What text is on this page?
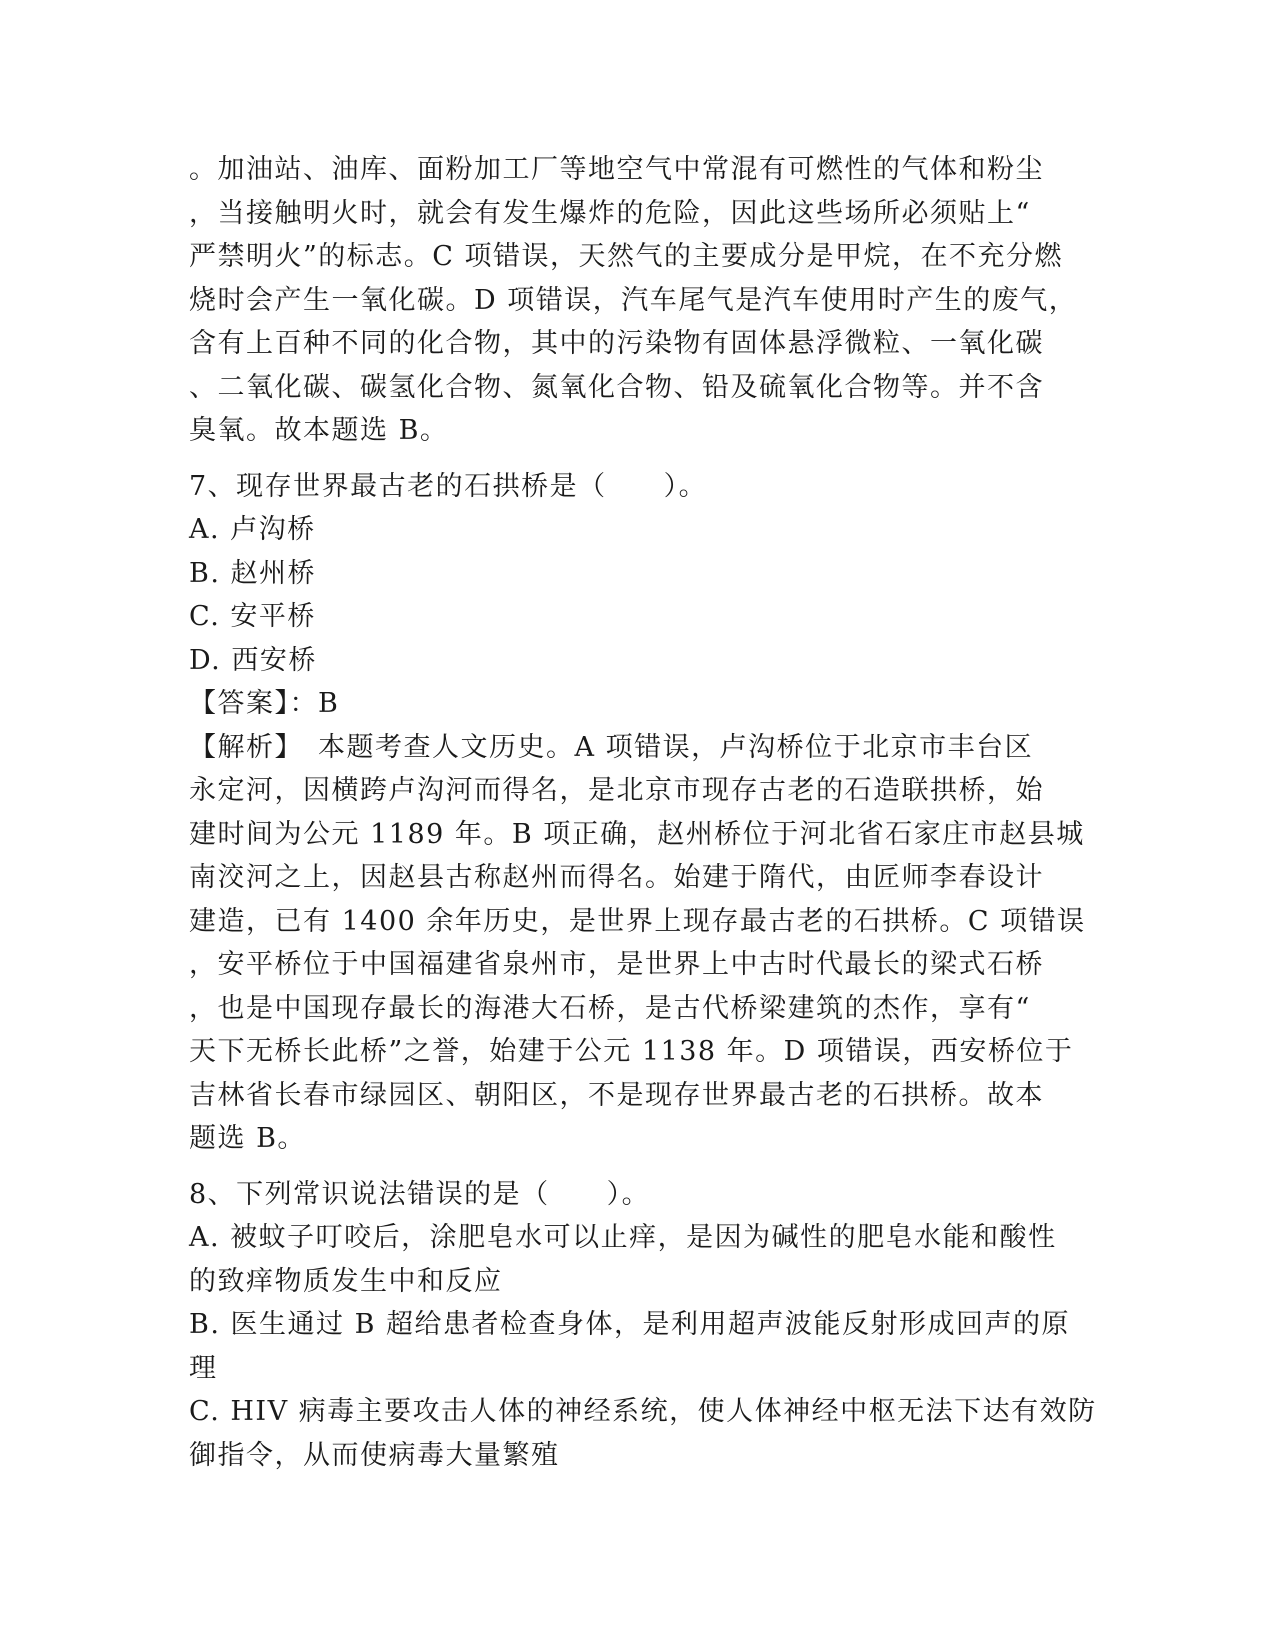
。加油站、油库、面粉加工厂等地空气中常混有可燃性的气体和粉尘
，当接触明火时，就会有发生爆炸的危险，因此这些场所必须贴上“
严禁明火”的标志。C 项错误，天然气的主要成分是甲烷，在不充分燃
烧时会产生一氧化碳。D 项错误，汽车尾气是汽车使用时产生的废气，
含有上百种不同的化合物，其中的污染物有固体悬浮微粒、一氧化碳
、二氧化碳、碳氢化合物、氮氧化合物、铅及硫氧化合物等。并不含
臭氧。故本题选 B。
7、现存世界最古老的石拱桥是（　　）。
A. 卢沟桥
B. 赵州桥
C. 安平桥
D. 西安桥
【答案】：B
【解析】　本题考查人文历史。A 项错误，卢沟桥位于北京市丰台区
永定河，因横跨卢沟河而得名，是北京市现存古老的石造联拱桥，始
建时间为公元 1189 年。B 项正确，赵州桥位于河北省石家庄市赵县城
南洨河之上，因赵县古称赵州而得名。始建于隋代，由匠师李春设计
建造，已有 1400 余年历史，是世界上现存最古老的石拱桥。C 项错误
，安平桥位于中国福建省泉州市，是世界上中古时代最长的梁式石桥
，也是中国现存最长的海港大石桥，是古代桥梁建筑的杰作，享有“
天下无桥长此桥”之誉，始建于公元 1138 年。D 项错误，西安桥位于
吉林省长春市绿园区、朝阳区，不是现存世界最古老的石拱桥。故本
题选 B。
8、下列常识说法错误的是（　　）。
A. 被蚊子叮咬后，涂肥皂水可以止痒，是因为碱性的肥皂水能和酸性
的致痒物质发生中和反应
B. 医生通过 B 超给患者检查身体，是利用超声波能反射形成回声的原
理
C. HIV 病毒主要攻击人体的神经系统，使人体神经中枢无法下达有效防
御指令，从而使病毒大量繁殖
